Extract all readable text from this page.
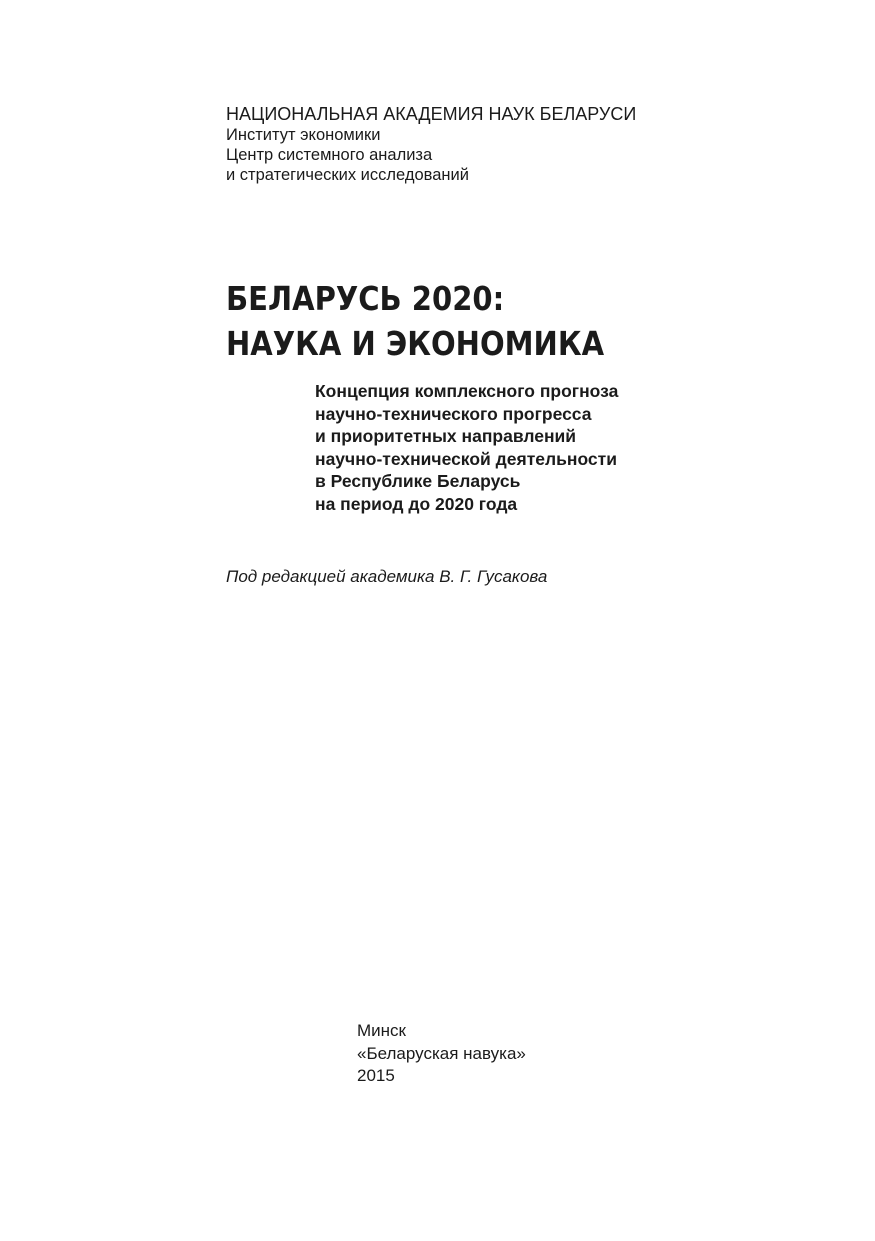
НАЦИОНАЛЬНАЯ АКАДЕМИЯ НАУК БЕЛАРУСИ
Институт экономики
Центр системного анализа
и стратегических исследований
БЕЛАРУСЬ 2020:
НАУКА И ЭКОНОМИКА
Концепция комплексного прогноза
научно-технического прогресса
и приоритетных направлений
научно-технической деятельности
в Республике Беларусь
на период до 2020 года
Под редакцией академика В. Г. Гусакова
Минск
«Беларуская навука»
2015
